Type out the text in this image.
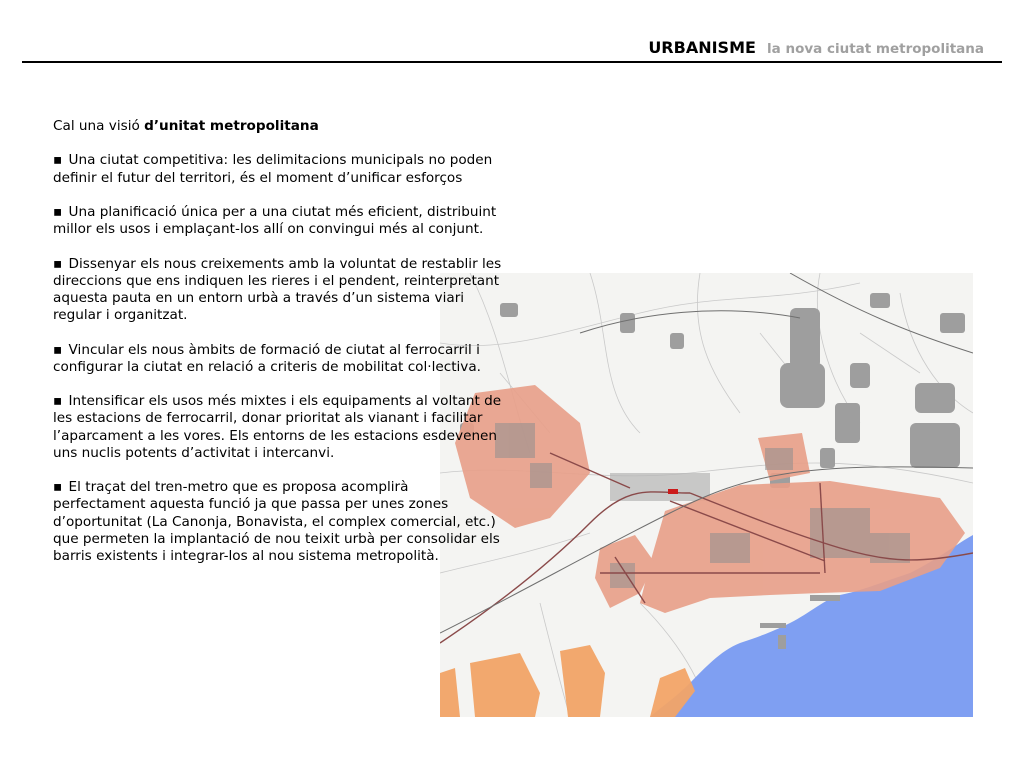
URBANISME la nova ciutat metropolitana

Cal una visió d’unitat metropolitana

▪ Una ciutat competitiva: les delimitacions municipals no poden definir el futur del territori, és el moment d’unificar esforços

▪ Una planificació única per a una ciutat més eficient, distribuint millor els usos i emplaçant-los allí on convingui més al conjunt.

▪ Dissenyar els nous creixements amb la voluntat de restablir les direccions que ens indiquen les rieres i el pendent, reinterpretant aquesta pauta en un entorn urbà a través d’un sistema viari regular i organitzat.

▪ Vincular els nous àmbits de formació de ciutat al ferrocarril i configurar la ciutat en relació a criteris de mobilitat col·lectiva.

▪ Intensificar els usos més mixtes i els equipaments al voltant de les estacions de ferrocarril, donar prioritat als vianant i facilitar l’aparcament a les vores. Els entorns de les estacions esdevenen uns nuclis potents d’activitat i intercanvi.

▪ El traçat del tren-metro que es proposa acomplirà perfectament aquesta funció ja que passa per unes zones d’oportunitat (La Canonja, Bonavista, el complex comercial, etc.) que permeten la implantació de nou teixit urbà per consolidar els barris existents i integrar-los al nou sistema metropolità.
